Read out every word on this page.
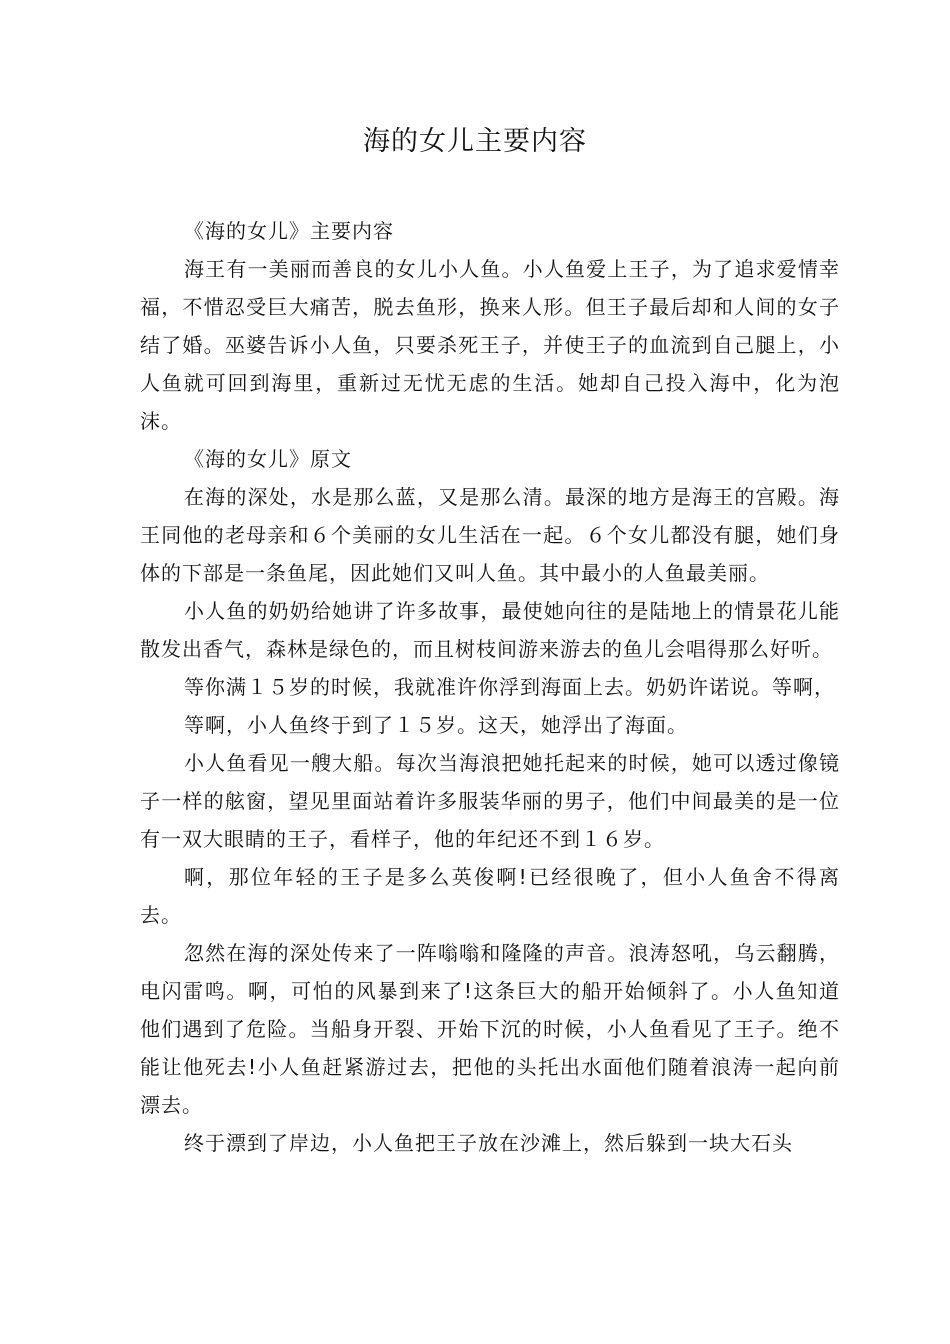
海的女儿主要内容

《海的女儿》主要内容

海王有一美丽而善良的女儿小人鱼。小人鱼爱上王子，为了追求爱情幸福，不惜忍受巨大痛苦，脱去鱼形，换来人形。但王子最后却和人间的女子结了婚。巫婆告诉小人鱼，只要杀死王子，并使王子的血流到自己腿上，小人鱼就可回到海里，重新过无忧无虑的生活。她却自己投入海中，化为泡沫。

《海的女儿》原文

在海的深处，水是那么蓝，又是那么清。最深的地方是海王的宫殿。海王同他的老母亲和６个美丽的女儿生活在一起。６个女儿都没有腿，她们身体的下部是一条鱼尾，因此她们又叫人鱼。其中最小的人鱼最美丽。

小人鱼的奶奶给她讲了许多故事，最使她向往的是陆地上的情景花儿能散发出香气，森林是绿色的，而且树枝间游来游去的鱼儿会唱得那么好听。

等你满１５岁的时候，我就准许你浮到海面上去。奶奶许诺说。等啊，

等啊，小人鱼终于到了１５岁。这天，她浮出了海面。

小人鱼看见一艘大船。每次当海浪把她托起来的时候，她可以透过像镜子一样的舷窗，望见里面站着许多服装华丽的男子，他们中间最美的是一位有一双大眼睛的王子，看样子，他的年纪还不到１６岁。

啊，那位年轻的王子是多么英俊啊!已经很晚了，但小人鱼舍不得离去。

忽然在海的深处传来了一阵嗡嗡和隆隆的声音。浪涛怒吼，乌云翻腾，电闪雷鸣。啊，可怕的风暴到来了!这条巨大的船开始倾斜了。小人鱼知道他们遇到了危险。当船身开裂、开始下沉的时候，小人鱼看见了王子。绝不能让他死去!小人鱼赶紧游过去，把他的头托出水面他们随着浪涛一起向前漂去。

终于漂到了岸边，小人鱼把王子放在沙滩上，然后躲到一块大石头
